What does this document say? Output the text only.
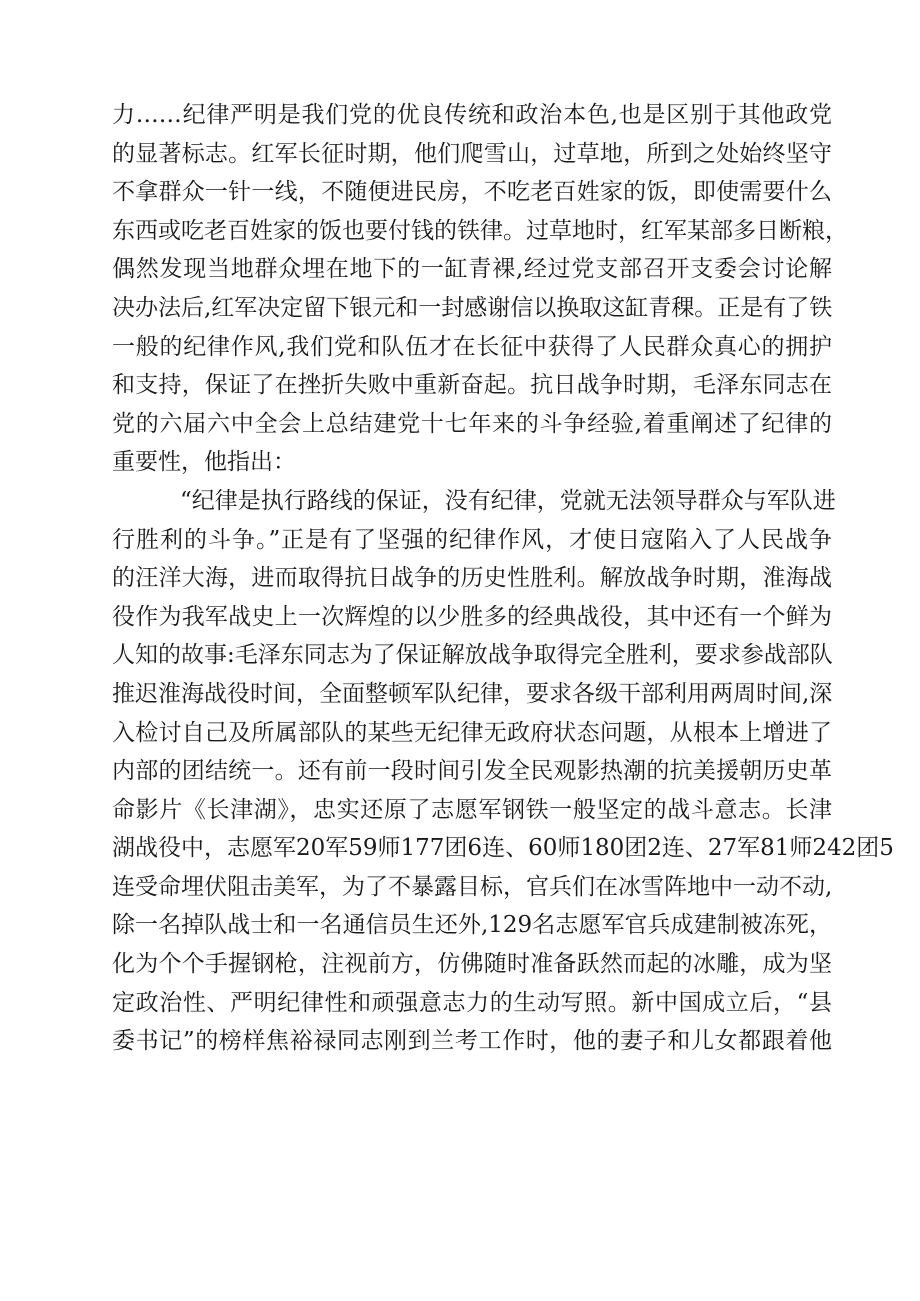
力……纪律严明是我们党的优良传统和政治本色,也是区别于其他政党
的显著标志。红军长征时期，他们爬雪山，过草地，所到之处始终坚守
不拿群众一针一线，不随便进民房，不吃老百姓家的饭，即使需要什么
东西或吃老百姓家的饭也要付钱的铁律。过草地时，红军某部多日断粮，
偶然发现当地群众埋在地下的一缸青裸,经过党支部召开支委会讨论解
决办法后,红军决定留下银元和一封感谢信以换取这缸青稞。正是有了铁
一般的纪律作风,我们党和队伍才在长征中获得了人民群众真心的拥护
和支持，保证了在挫折失败中重新奋起。抗日战争时期，毛泽东同志在
党的六届六中全会上总结建党十七年来的斗争经验,着重阐述了纪律的
重要性，他指出：
“纪律是执行路线的保证，没有纪律，党就无法领导群众与军队进
行胜利的斗争。”正是有了坚强的纪律作风，才使日寇陷入了人民战争
的汪洋大海，进而取得抗日战争的历史性胜利。解放战争时期，淮海战
役作为我军战史上一次辉煌的以少胜多的经典战役，其中还有一个鲜为
人知的故事:毛泽东同志为了保证解放战争取得完全胜利，要求参战部队
推迟淮海战役时间，全面整顿军队纪律，要求各级干部利用两周时间,深
入检讨自己及所属部队的某些无纪律无政府状态问题，从根本上增进了
内部的团结统一。还有前一段时间引发全民观影热潮的抗美援朝历史革
命影片《长津湖》，忠实还原了志愿军钢铁一般坚定的战斗意志。长津
湖战役中，志愿军20军59师177团6连、60师180团2连、27军81师242团5
连受命埋伏阻击美军，为了不暴露目标，官兵们在冰雪阵地中一动不动,
除一名掉队战士和一名通信员生还外,129名志愿军官兵成建制被冻死，
化为个个手握钢枪，注视前方，仿佛随时准备跃然而起的冰雕，成为坚
定政治性、严明纪律性和顽强意志力的生动写照。新中国成立后，“县
委书记”的榜样焦裕禄同志刚到兰考工作时，他的妻子和儿女都跟着他
